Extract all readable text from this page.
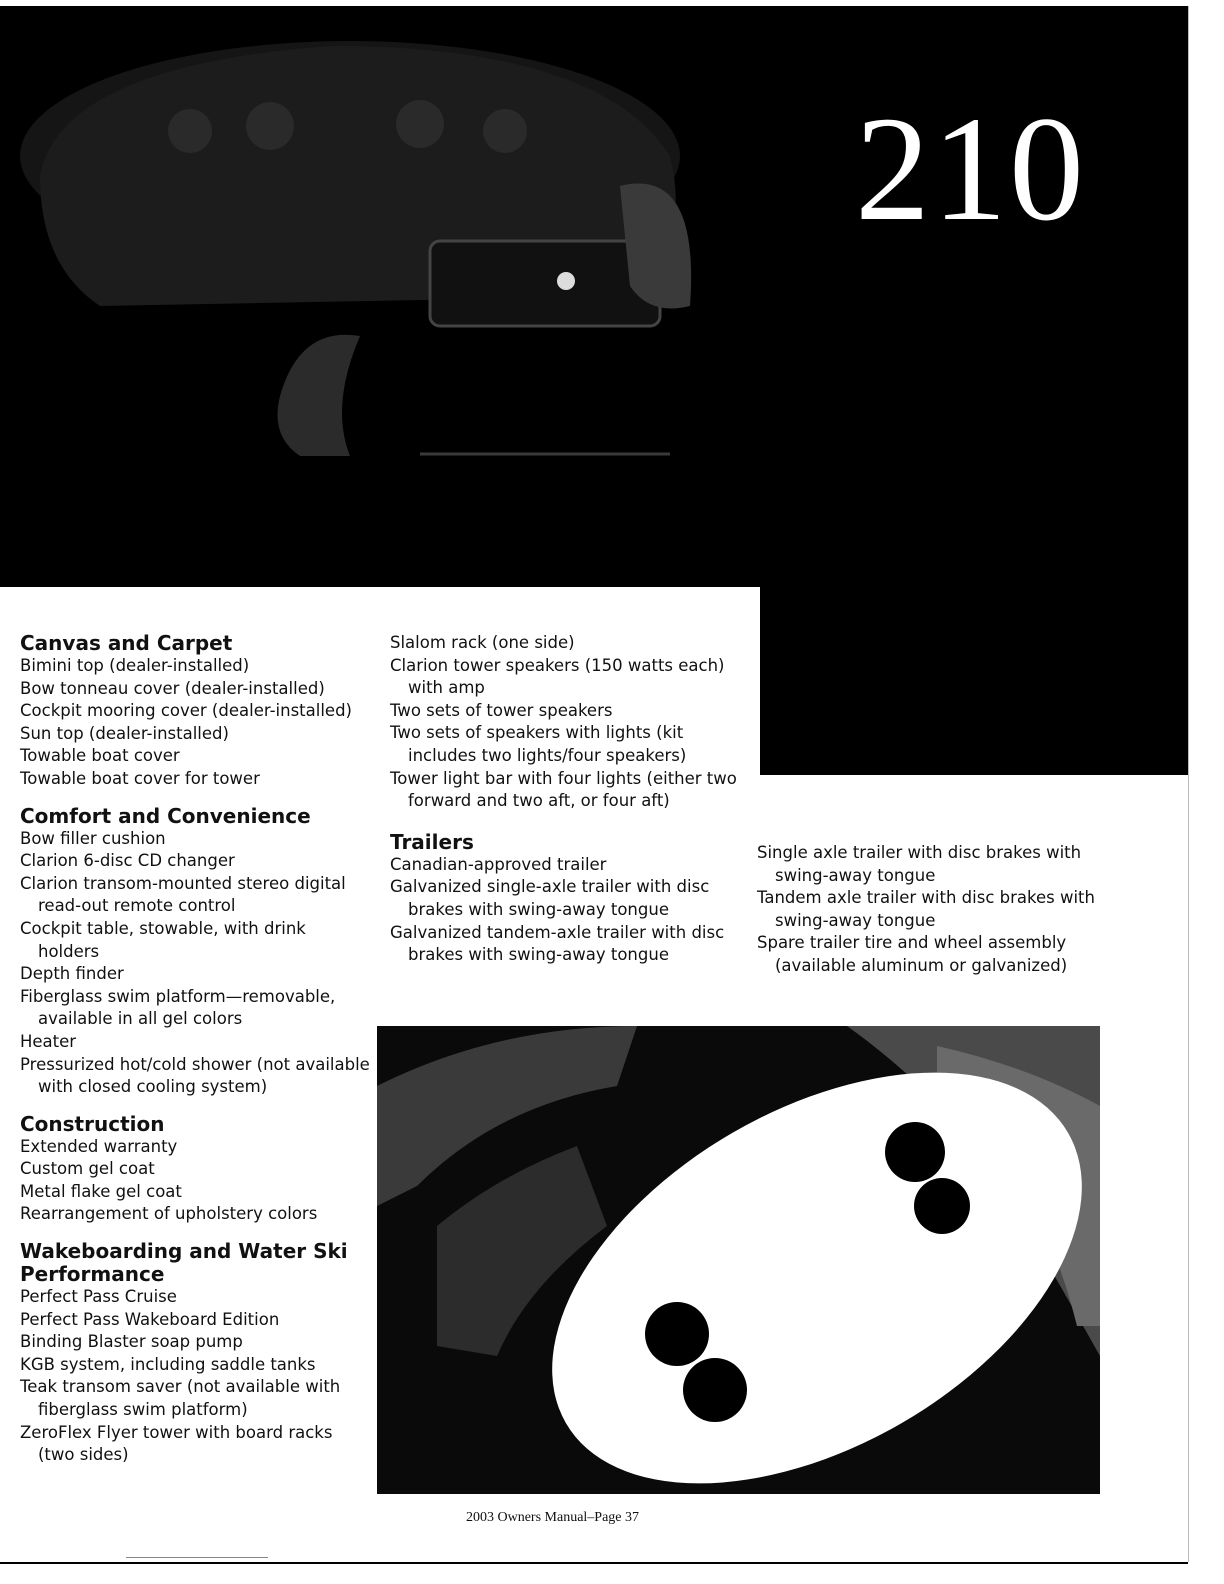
210
Canvas and Carpet
Bimini top (dealer-installed)
Bow tonneau cover (dealer-installed)
Cockpit mooring cover (dealer-installed)
Sun top (dealer-installed)
Towable boat cover
Towable boat cover for tower
Comfort and Convenience
Bow filler cushion
Clarion 6-disc CD changer
Clarion transom-mounted stereo digital read-out remote control
Cockpit table, stowable, with drink holders
Depth finder
Fiberglass swim platform—removable, available in all gel colors
Heater
Pressurized hot/cold shower (not available with closed cooling system)
Construction
Extended warranty
Custom gel coat
Metal flake gel coat
Rearrangement of upholstery colors
Wakeboarding and Water Ski Performance
Perfect Pass Cruise
Perfect Pass Wakeboard Edition
Binding Blaster soap pump
KGB system, including saddle tanks
Teak transom saver (not available with fiberglass swim platform)
ZeroFlex Flyer tower with board racks (two sides)
Slalom rack (one side)
Clarion tower speakers (150 watts each) with amp
Two sets of tower speakers
Two sets of speakers with lights (kit includes two lights/four speakers)
Tower light bar with four lights (either two forward and two aft, or four aft)
Trailers
Canadian-approved trailer
Galvanized single-axle trailer with disc brakes with swing-away tongue
Galvanized tandem-axle trailer with disc brakes with swing-away tongue
Single axle trailer with disc brakes with swing-away tongue
Tandem axle trailer with disc brakes with swing-away tongue
Spare trailer tire and wheel assembly (available aluminum or galvanized)
2003 Owners Manual–Page 37
